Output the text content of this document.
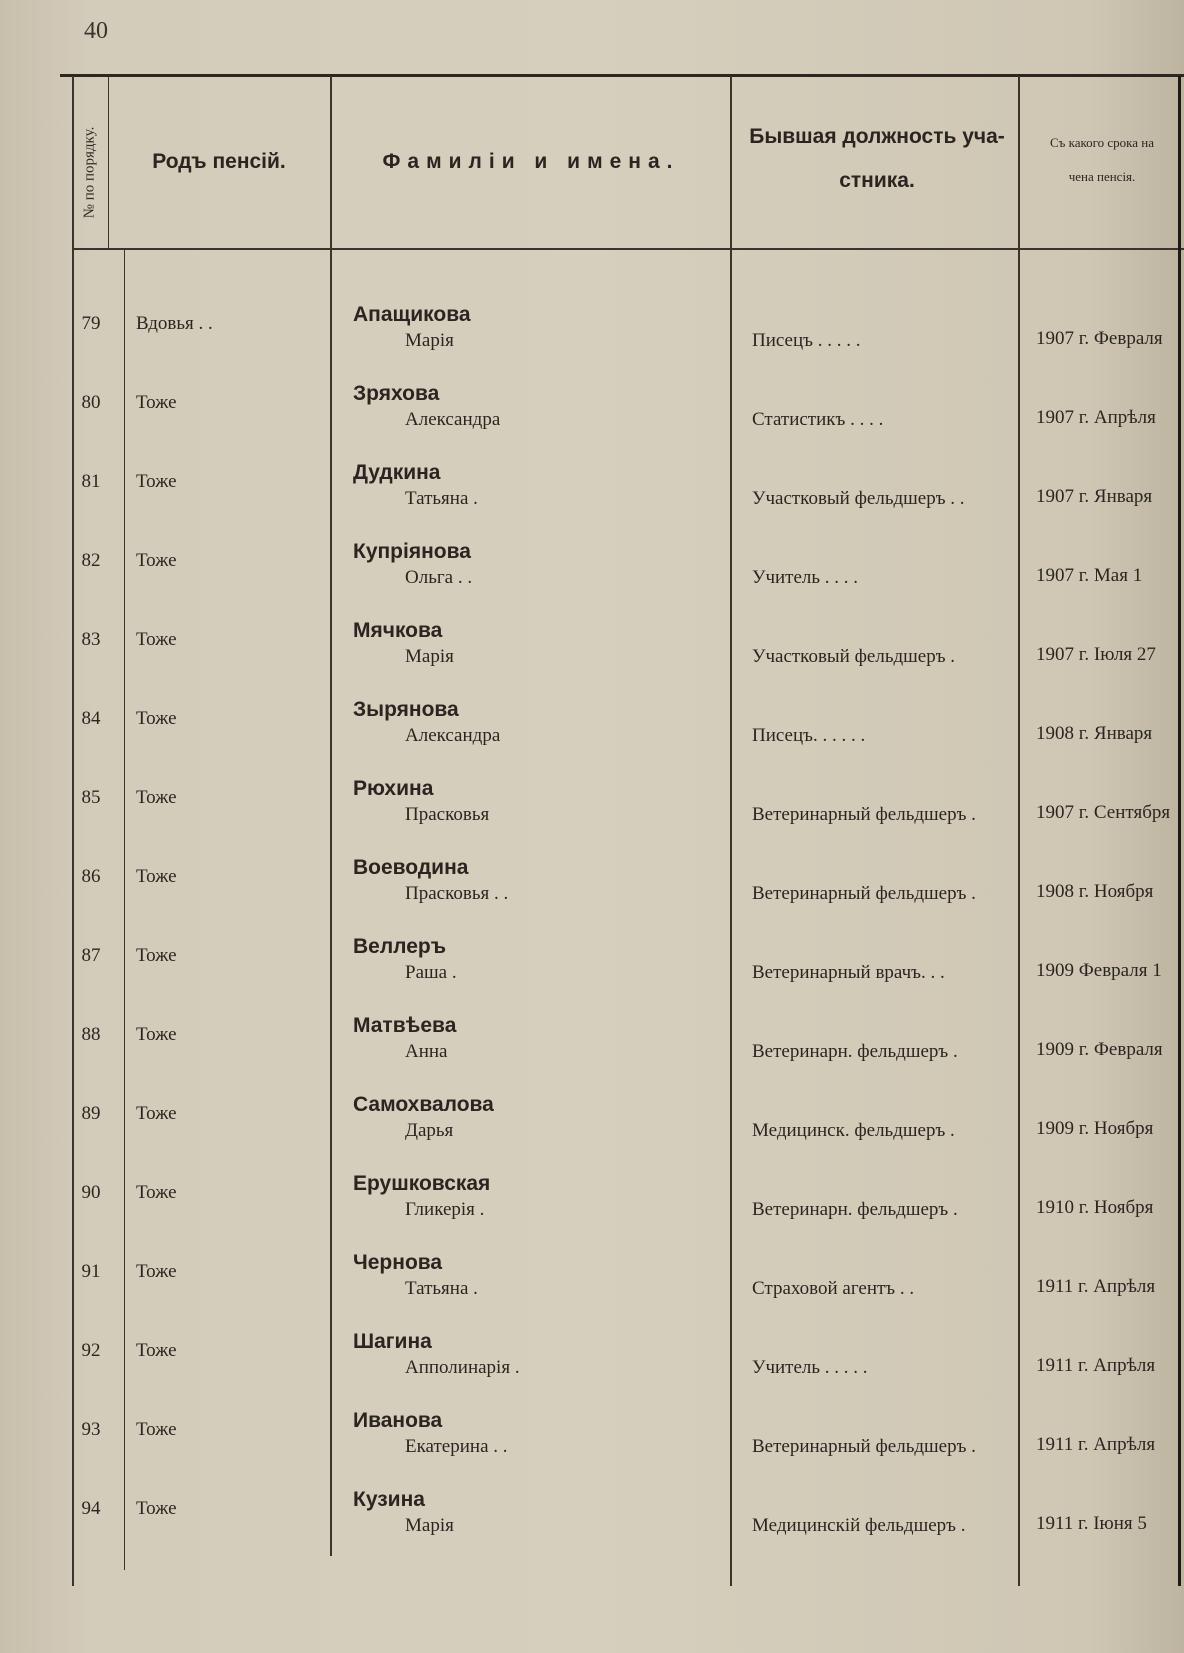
40
№ по порядку.	Родъ пенсій.	Фамиліи и имена.
Бывшая должность уча-
стника.
Съ какого срока на
чена пенсія.
79	Вдовья . .	Апащикова
Марія	Писецъ . . . . .	1907 г. Февраля
80	Тоже	Зряхова
Александра	Статистикъ . . . .	1907 г. Апрѣля
81	Тоже	Дудкина
Татьяна .	Участковый фельдшеръ . .	1907 г. Января
82	Тоже	Купріянова
Ольга . .	Учитель . . . .	1907 г. Мая 1
83	Тоже	Мячкова
Марія	Участковый фельдшеръ .	1907 г. Іюля 27
84	Тоже	Зырянова
Александра	Писецъ. . . . . .	1908 г. Января
85	Тоже	Рюхина
Прасковья	Ветеринарный фельдшеръ .	1907 г. Сентября
86	Тоже	Воеводина
Прасковья . .	Ветеринарный фельдшеръ .	1908 г. Ноября
87	Тоже	Веллеръ
Раша .	Ветеринарный врачъ. . .	1909 Февраля 1
88	Тоже	Матвѣева
Анна	Ветеринарн. фельдшеръ .	1909 г. Февраля
89	Тоже	Самохвалова
Дарья	Медицинск. фельдшеръ .	1909 г. Ноября
90	Тоже	Ерушковская
Гликерія .	Ветеринарн. фельдшеръ .	1910 г. Ноября
91	Тоже	Чернова
Татьяна .	Страховой агентъ . .	1911 г. Апрѣля
92	Тоже	Шагина
Апполинарія .	Учитель . . . . .	1911 г. Апрѣля
93	Тоже	Иванова
Екатерина . .	Ветеринарный фельдшеръ .	1911 г. Апрѣля
94	Тоже	Кузина
Марія	Медицинскій фельдшеръ .	1911 г. Іюня 5
